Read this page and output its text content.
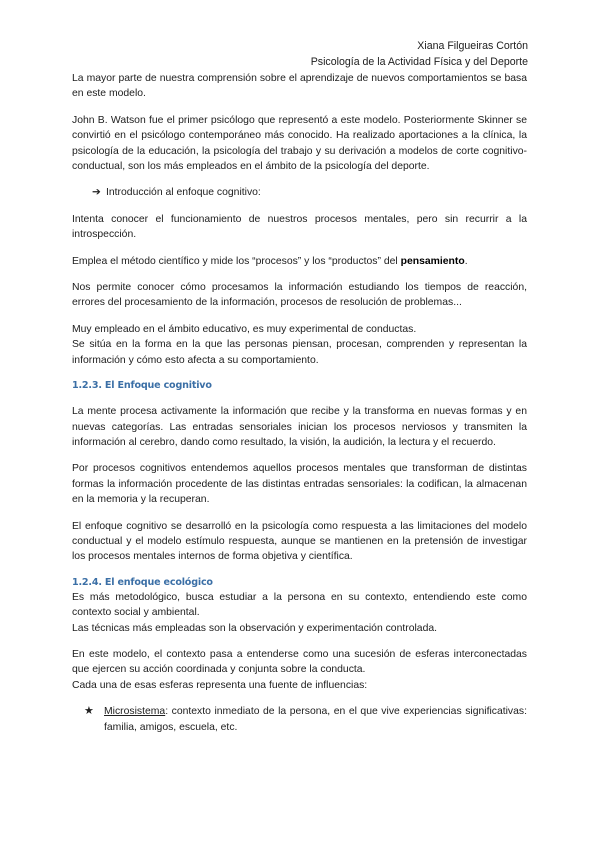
Xiana Filgueiras Cortón
Psicología de la Actividad Física y del Deporte

La mayor parte de nuestra comprensión sobre el aprendizaje de nuevos comportamientos se basa en este modelo.

John B. Watson fue el primer psicólogo que representó a este modelo. Posteriormente Skinner se convirtió en el psicólogo contemporáneo más conocido. Ha realizado aportaciones a la clínica, la psicología de la educación, la psicología del trabajo y su derivación a modelos de corte cognitivo-conductual, son los más empleados en el ámbito de la psicología del deporte.

➔ Introducción al enfoque cognitivo:

Intenta conocer el funcionamiento de nuestros procesos mentales, pero sin recurrir a la introspección.

Emplea el método científico y mide los “procesos” y los “productos” del pensamiento.

Nos permite conocer cómo procesamos la información estudiando los tiempos de reacción, errores del procesamiento de la información, procesos de resolución de problemas...

Muy empleado en el ámbito educativo, es muy experimental de conductas.

Se sitúa en la forma en la que las personas piensan, procesan, comprenden y representan la información y cómo esto afecta a su comportamiento.

1.2.3. El Enfoque cognitivo

La mente procesa activamente la información que recibe y la transforma en nuevas formas y en nuevas categorías. Las entradas sensoriales inician los procesos nerviosos y transmiten la información al cerebro, dando como resultado, la visión, la audición, la lectura y el recuerdo.

Por procesos cognitivos entendemos aquellos procesos mentales que transforman de distintas formas la información procedente de las distintas entradas sensoriales: la codifican, la almacenan en la memoria y la recuperan.

El enfoque cognitivo se desarrolló en la psicología como respuesta a las limitaciones del modelo conductual y el modelo estímulo respuesta, aunque se mantienen en la pretensión de investigar los procesos mentales internos de forma objetiva y científica.

1.2.4. El enfoque ecológico

Es más metodológico, busca estudiar a la persona en su contexto, entendiendo este como contexto social y ambiental.

Las técnicas más empleadas son la observación y experimentación controlada.

En este modelo, el contexto pasa a entenderse como una sucesión de esferas interconectadas que ejercen su acción coordinada y conjunta sobre la conducta.

Cada una de esas esferas representa una fuente de influencias:

★ Microsistema: contexto inmediato de la persona, en el que vive experiencias significativas: familia, amigos, escuela, etc.
